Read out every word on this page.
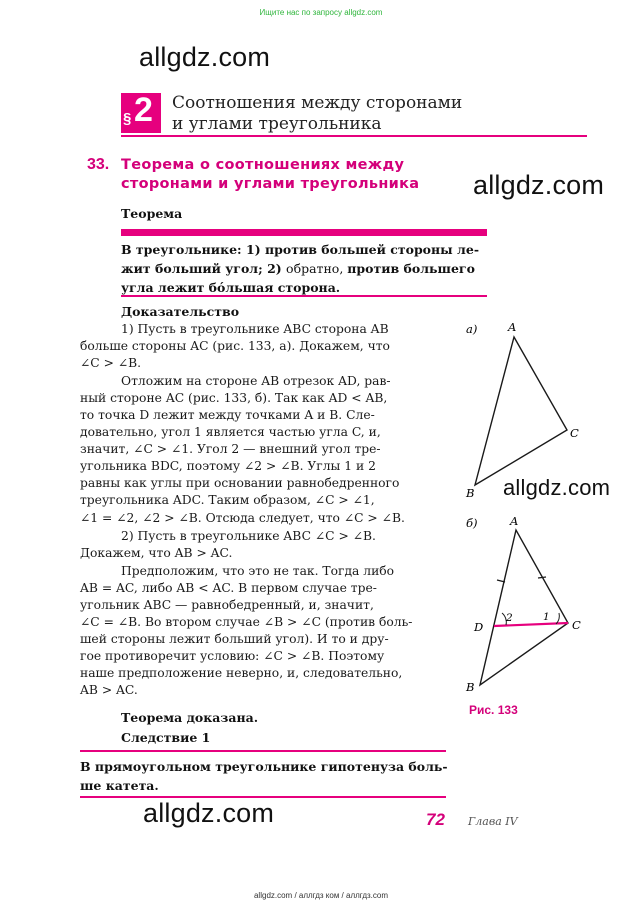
Ищите нас по запросу allgdz.com
allgdz.com
allgdz.com
allgdz.com
allgdz.com
§ 2 Соотношения между сторонами
и углами треугольника
33. Теорема о соотношениях между
сторонами и углами треугольника
Теорема
В треугольнике: 1) против большей стороны ле-
жит больший угол; 2) обратно, против большего
угла лежит бóльшая сторона.
Доказательство
1) Пусть в треугольнике ABC сторона AB
больше стороны AC (рис. 133, а). Докажем, что
∠C > ∠B.
Отложим на стороне AB отрезок AD, рав-
ный стороне AC (рис. 133, б). Так как AD < AB,
то точка D лежит между точками A и B. Сле-
довательно, угол 1 является частью угла C, и,
значит, ∠C > ∠1. Угол 2 — внешний угол тре-
угольника BDC, поэтому ∠2 > ∠B. Углы 1 и 2
равны как углы при основании равнобедренного
треугольника ADC. Таким образом, ∠C > ∠1,
∠1 = ∠2, ∠2 > ∠B. Отсюда следует, что ∠C > ∠B.
2) Пусть в треугольнике ABC ∠C > ∠B.
Докажем, что AB > AC.
Предположим, что это не так. Тогда либо
AB = AC, либо AB < AC. В первом случае тре-
угольник ABC — равнобедренный, и, значит,
∠C = ∠B. Во втором случае ∠B > ∠C (против боль-
шей стороны лежит больший угол). И то и дру-
гое противоречит условию: ∠C > ∠B. Поэтому
наше предположение неверно, и, следовательно,
AB > AC.
Теорема доказана.
Следствие 1
В прямоугольном треугольнике гипотенуза боль-
ше катета.
а)	A
B
C
б)	A
B
C
D
2	1
Рис. 133
72 Глава IV
allgdz.com / аллгдз ком / аллгдз.com
